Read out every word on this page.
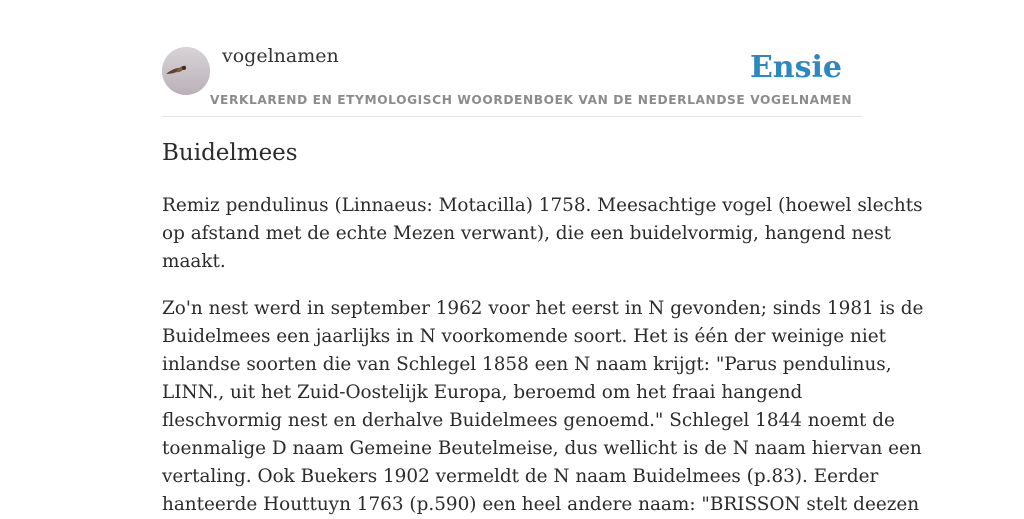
vogelnamen	Ensie
VERKLAREND EN ETYMOLOGISCH WOORDENBOEK VAN DE NEDERLANDSE VOGELNAMEN
Buidelmees

Remiz pendulinus (Linnaeus: Motacilla) 1758. Meesachtige vogel (hoewel slechts
op afstand met de echte Mezen verwant), die een buidelvormig, hangend nest
maakt.

Zo'n nest werd in september 1962 voor het eerst in N gevonden; sinds 1981 is de
Buidelmees een jaarlijks in N voorkomende soort. Het is één der weinige niet
inlandse soorten die van Schlegel 1858 een N naam krijgt: "Parus pendulinus,
LINN., uit het Zuid-Oostelijk Europa, beroemd om het fraai hangend
fleschvormig nest en derhalve Buidelmees genoemd." Schlegel 1844 noemt de
toenmalige D naam Gemeine Beutelmeise, dus wellicht is de N naam hiervan een
vertaling. Ook Buekers 1902 vermeldt de N naam Buidelmees (p.83). Eerder
hanteerde Houttuyn 1763 (p.590) een heel andere naam: "BRISSON stelt deezen
